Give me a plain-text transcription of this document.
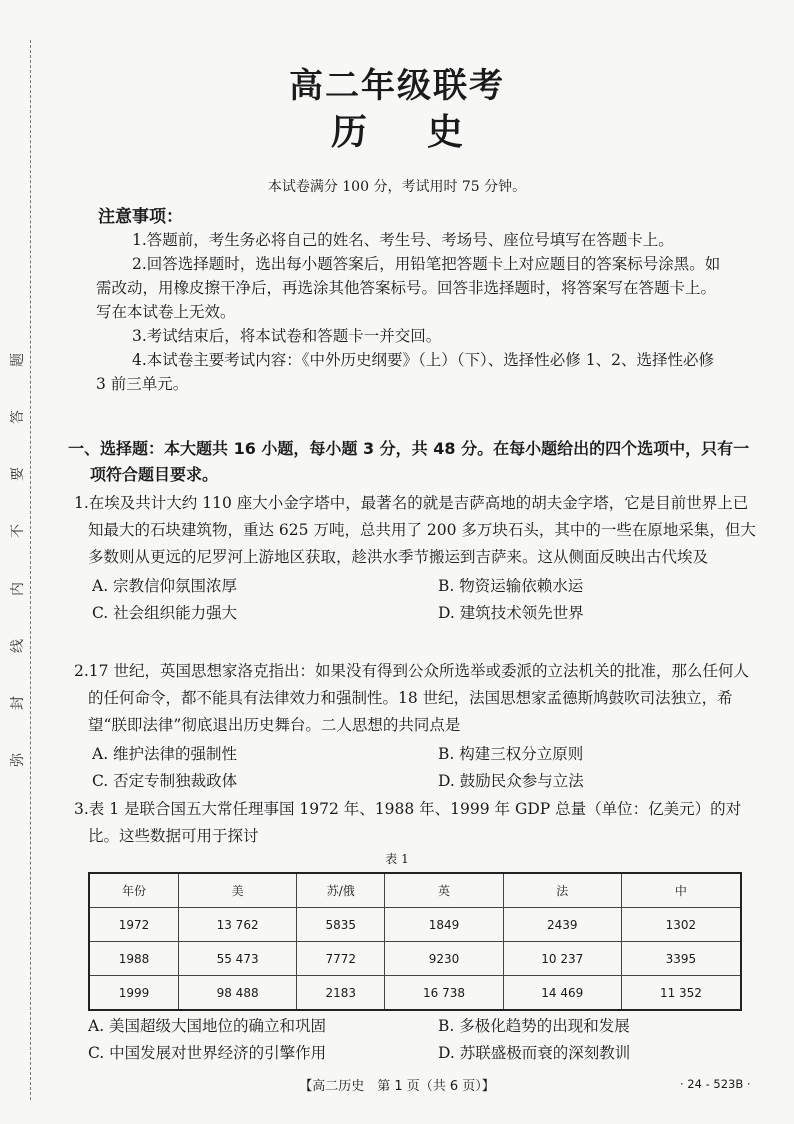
题
答
要
不
内
线
封
弥
高二年级联考
历史
本试卷满分 100 分，考试用时 75 分钟。
注意事项：

1.答题前，考生务必将自己的姓名、考生号、考场号、座位号填写在答题卡上。

2.回答选择题时，选出每小题答案后，用铅笔把答题卡上对应题目的答案标号涂黑。如需改动，用橡皮擦干净后，再选涂其他答案标号。回答非选择题时，将答案写在答题卡上。写在本试卷上无效。

3.考试结束后，将本试卷和答题卡一并交回。

4.本试卷主要考试内容：《中外历史纲要》（上）（下）、选择性必修 1、2、选择性必修 3 前三单元。

一、选择题：本大题共 16 小题，每小题 3 分，共 48 分。在每小题给出的四个选项中，只有一项符合题目要求。

1.在埃及共计大约 110 座大小金字塔中，最著名的就是吉萨高地的胡夫金字塔，它是目前世界上已知最大的石块建筑物，重达 625 万吨，总共用了 200 多万块石头，其中的一些在原地采集，但大多数则从更远的尼罗河上游地区获取，趁洪水季节搬运到吉萨来。这从侧面反映出古代埃及

A. 宗教信仰氛围浓厚	B. 物资运输依赖水运
C. 社会组织能力强大	D. 建筑技术领先世界

2.17 世纪，英国思想家洛克指出：如果没有得到公众所选举或委派的立法机关的批准，那么任何人的任何命令，都不能具有法律效力和强制性。18 世纪，法国思想家孟德斯鸠鼓吹司法独立，希望“朕即法律”彻底退出历史舞台。二人思想的共同点是

A. 维护法律的强制性	B. 构建三权分立原则
C. 否定专制独裁政体	D. 鼓励民众参与立法

3.表 1 是联合国五大常任理事国 1972 年、1988 年、1999 年 GDP 总量（单位：亿美元）的对比。这些数据可用于探讨

表 1
年份	美	苏/俄	英	法	中
1972	13 762	5835	1849	2439	1302
1988	55 473	7772	9230	10 237	3395
1999	98 488	2183	16 738	14 469	11 352
A. 美国超级大国地位的确立和巩固	B. 多极化趋势的出现和发展
C. 中国发展对世界经济的引擎作用	D. 苏联盛极而衰的深刻教训
【高二历史　第 1 页（共 6 页）】	· 24 - 523B ·
